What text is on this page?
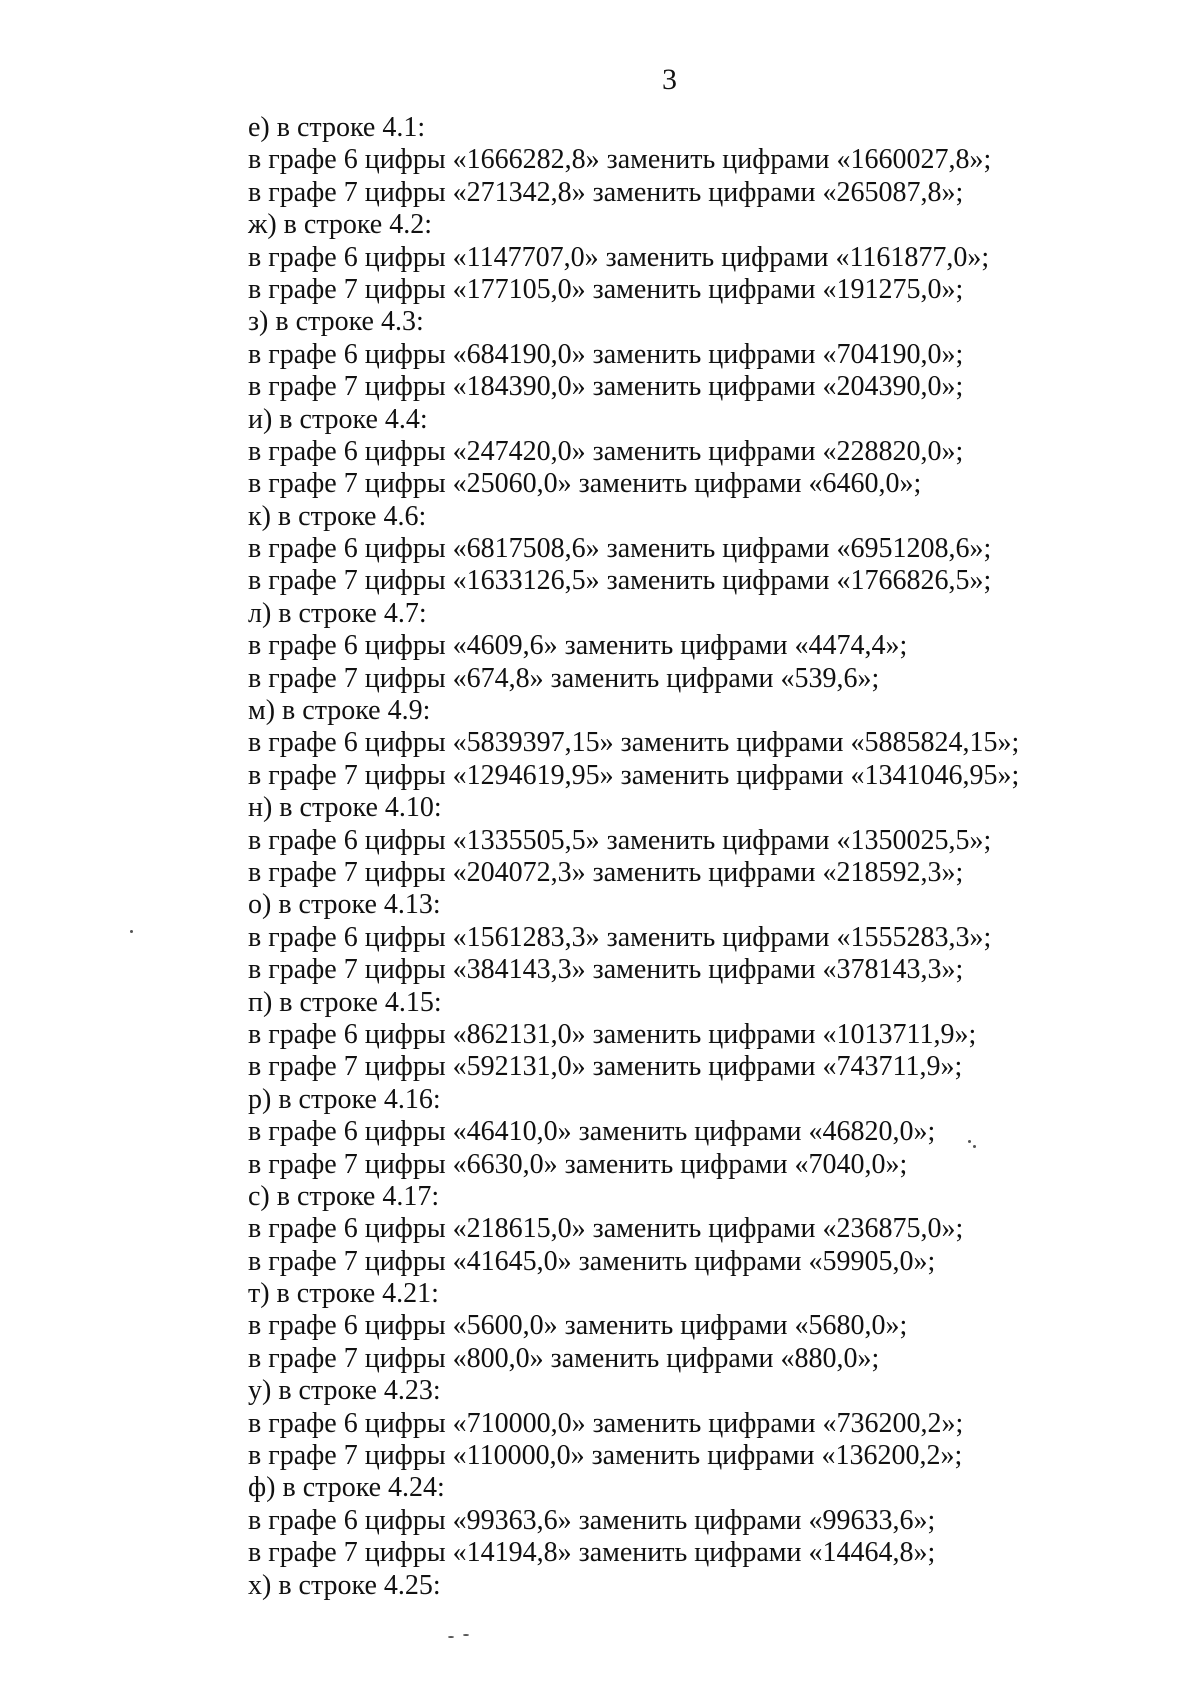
3
е) в строке 4.1:
в графе 6 цифры «1666282,8» заменить цифрами «1660027,8»;
в графе 7 цифры «271342,8» заменить цифрами «265087,8»;
ж) в строке 4.2:
в графе 6 цифры «1147707,0» заменить цифрами «1161877,0»;
в графе 7 цифры «177105,0» заменить цифрами «191275,0»;
з) в строке 4.3:
в графе 6 цифры «684190,0» заменить цифрами «704190,0»;
в графе 7 цифры «184390,0» заменить цифрами «204390,0»;
и) в строке 4.4:
в графе 6 цифры «247420,0» заменить цифрами «228820,0»;
в графе 7 цифры «25060,0» заменить цифрами «6460,0»;
к) в строке 4.6:
в графе 6 цифры «6817508,6» заменить цифрами «6951208,6»;
в графе 7 цифры «1633126,5» заменить цифрами «1766826,5»;
л) в строке 4.7:
в графе 6 цифры «4609,6» заменить цифрами «4474,4»;
в графе 7 цифры «674,8» заменить цифрами «539,6»;
м) в строке 4.9:
в графе 6 цифры «5839397,15» заменить цифрами «5885824,15»;
в графе 7 цифры «1294619,95» заменить цифрами «1341046,95»;
н) в строке 4.10:
в графе 6 цифры «1335505,5» заменить цифрами «1350025,5»;
в графе 7 цифры «204072,3» заменить цифрами «218592,3»;
о) в строке 4.13:
в графе 6 цифры «1561283,3» заменить цифрами «1555283,3»;
в графе 7 цифры «384143,3» заменить цифрами «378143,3»;
п) в строке 4.15:
в графе 6 цифры «862131,0» заменить цифрами «1013711,9»;
в графе 7 цифры «592131,0» заменить цифрами «743711,9»;
р) в строке 4.16:
в графе 6 цифры «46410,0» заменить цифрами «46820,0»;
в графе 7 цифры «6630,0» заменить цифрами «7040,0»;
с) в строке 4.17:
в графе 6 цифры «218615,0» заменить цифрами «236875,0»;
в графе 7 цифры «41645,0» заменить цифрами «59905,0»;
т) в строке 4.21:
в графе 6 цифры «5600,0» заменить цифрами «5680,0»;
в графе 7 цифры «800,0» заменить цифрами «880,0»;
у) в строке 4.23:
в графе 6 цифры «710000,0» заменить цифрами «736200,2»;
в графе 7 цифры «110000,0» заменить цифрами «136200,2»;
ф) в строке 4.24:
в графе 6 цифры «99363,6» заменить цифрами «99633,6»;
в графе 7 цифры «14194,8» заменить цифрами «14464,8»;
х) в строке 4.25:
